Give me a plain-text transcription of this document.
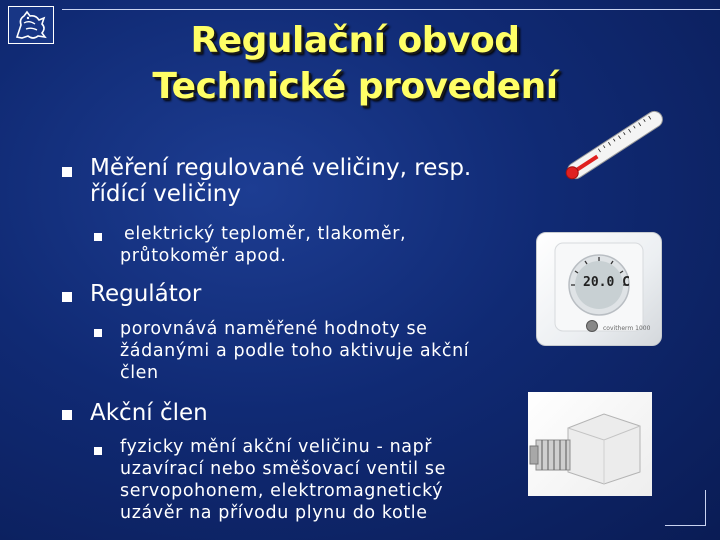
Regulační obvod
Technické provedení
20.0 C
covitherm 1000
Měření regulované veličiny, resp.
řídící veličiny
elektrický teploměr, tlakoměr,
průtokoměr apod.
Regulátor
porovnává naměřené hodnoty se
žádanými a podle toho aktivuje akční
člen
Akční člen
fyzicky mění akční veličinu - např
uzavírací nebo směšovací ventil se
servopohonem, elektromagnetický
uzávěr na přívodu plynu do kotle
